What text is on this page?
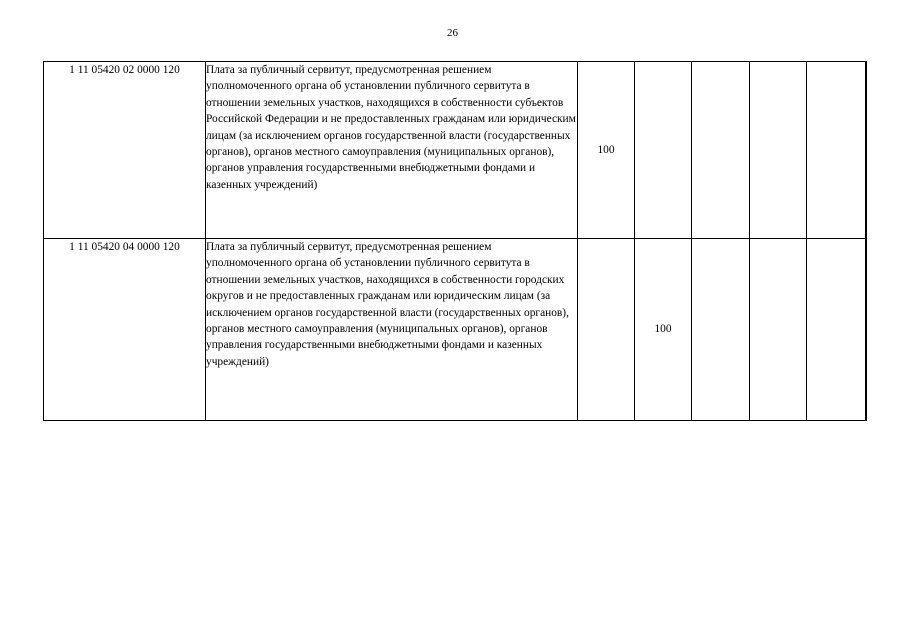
26
1 11 05420 02 0000 120	Плата за публичный сервитут, предусмотренная решением уполномоченного органа об установлении публичного сервитута в отношении земельных участков, находящихся в собственности субъектов Российской Федерации и не предоставленных гражданам или юридическим лицам (за исключением органов государственной власти (государственных органов), органов местного самоуправления (муниципальных органов), органов управления государственными внебюджетными фондами и казенных учреждений)	100					
1 11 05420 04 0000 120	Плата за публичный сервитут, предусмотренная решением уполномоченного органа об установлении публичного сервитута в отношении земельных участков, находящихся в собственности городских округов и не предоставленных гражданам или юридическим лицам (за исключением органов государственной власти (государственных органов), органов местного самоуправления (муниципальных органов), органов управления государственными внебюджетными фондами и казенных учреждений)		100				
